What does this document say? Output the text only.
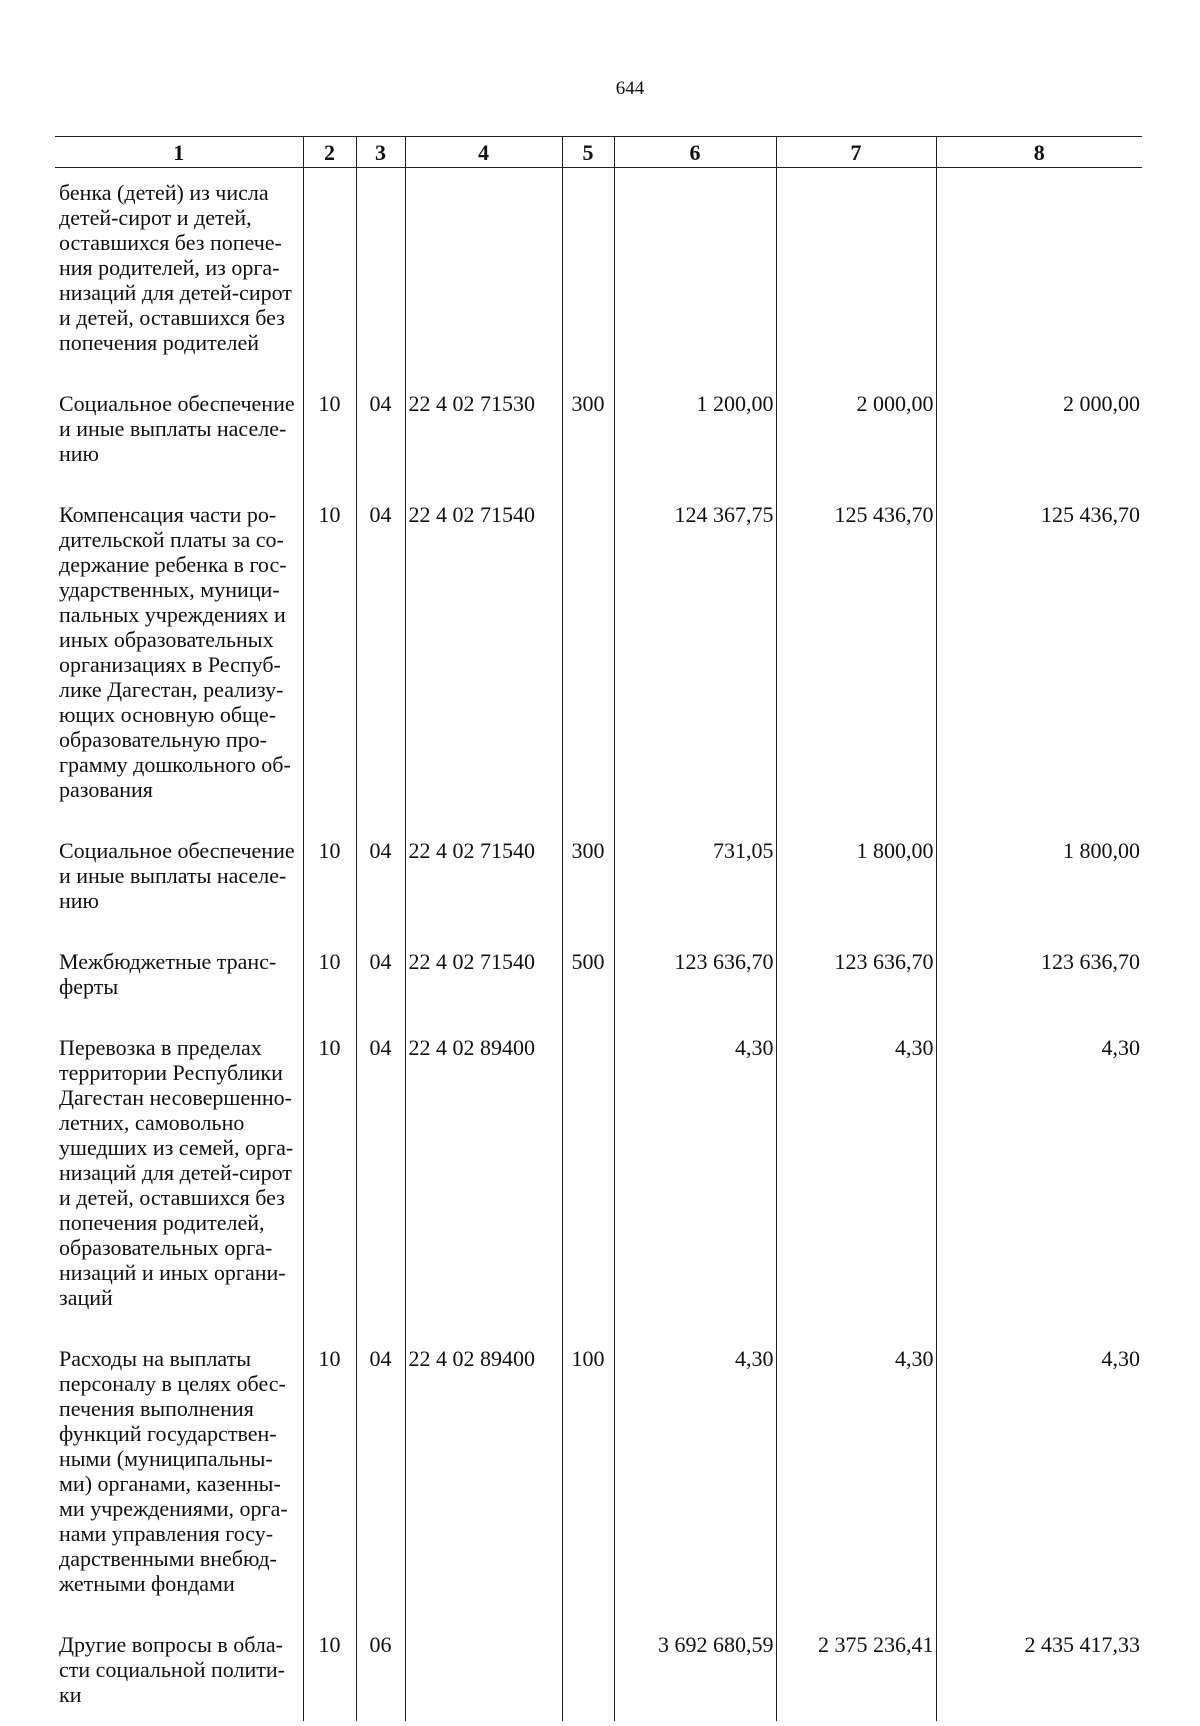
644
1	2	3	4	5	6	7	8
бенка (детей) из числа детей-сирот и детей, оставшихся без попече-ния родителей, из орга-низаций для детей-сирот и детей, оставшихся без попечения родителей							
Социальное обеспечение и иные выплаты населе-нию	10	04	22 4 02 71530	300	1 200,00	2 000,00	2 000,00
Компенсация части ро-дительской платы за со-держание ребенка в гос-ударственных, муници-пальных учреждениях и иных образовательных организациях в Респуб-лике Дагестан, реализу-ющих основную обще-образовательную про-грамму дошкольного об-разования	10	04	22 4 02 71540		124 367,75	125 436,70	125 436,70
Социальное обеспечение и иные выплаты населе-нию	10	04	22 4 02 71540	300	731,05	1 800,00	1 800,00
Межбюджетные транс-ферты	10	04	22 4 02 71540	500	123 636,70	123 636,70	123 636,70
Перевозка в пределах территории Республики Дагестан несовершенно-летних, самовольно ушедших из семей, орга-низаций для детей-сирот и детей, оставшихся без попечения родителей, образовательных орга-низаций и иных органи-заций	10	04	22 4 02 89400		4,30	4,30	4,30
Расходы на выплаты персоналу в целях обес-печения выполнения функций государствен-ными (муниципальны-ми) органами, казенны-ми учреждениями, орга-нами управления госу-дарственными внебюд-жетными фондами	10	04	22 4 02 89400	100	4,30	4,30	4,30
Другие вопросы в обла-сти социальной полити-ки	10	06			3 692 680,59	2 375 236,41	2 435 417,33
